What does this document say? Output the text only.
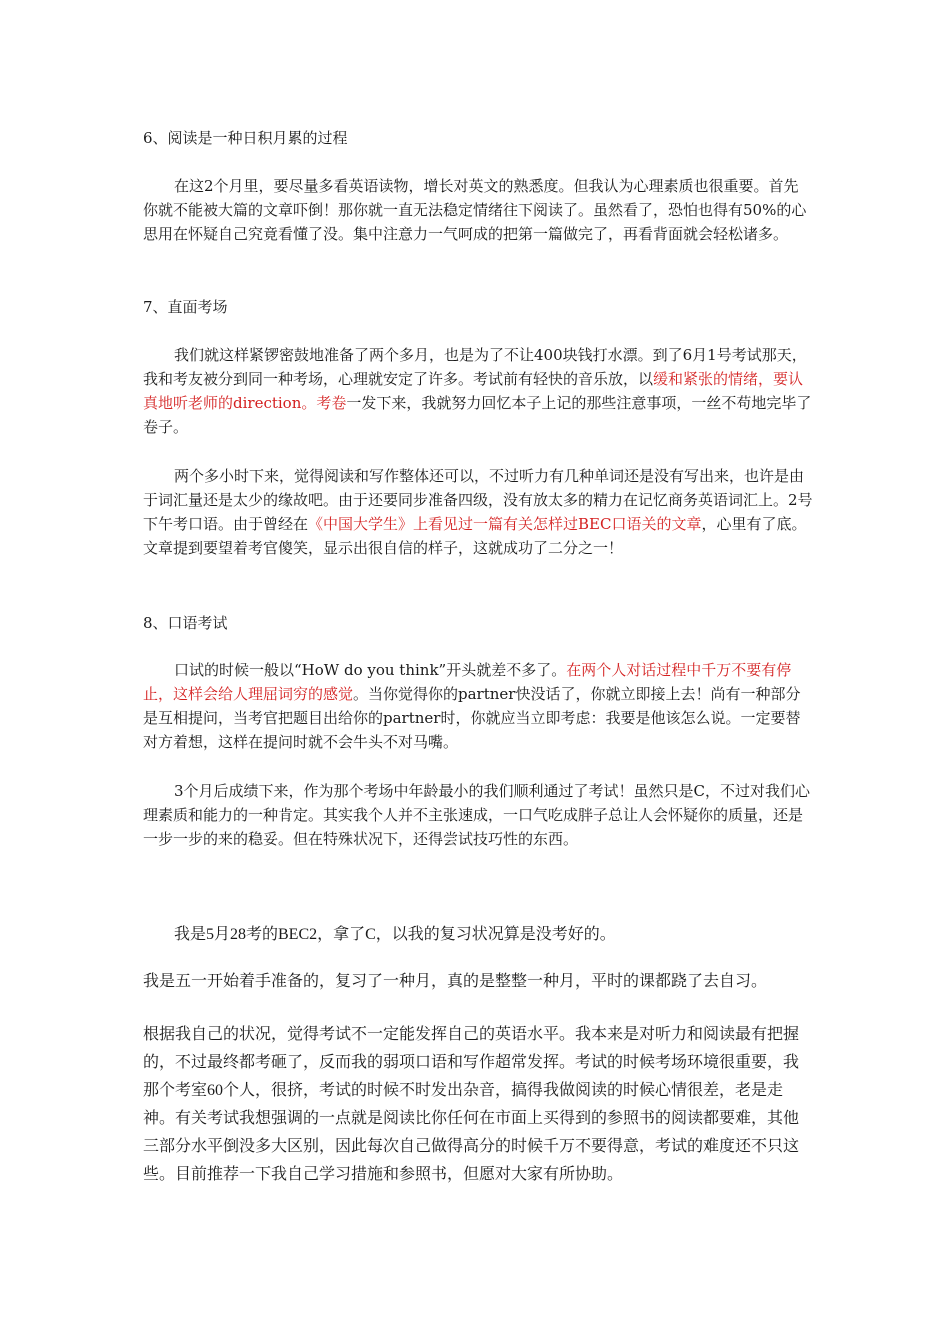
6、阅读是一种日积月累的过程

在这2个月里，要尽量多看英语读物，增长对英文的熟悉度。但我认为心理素质也很重要。首先你就不能被大篇的文章吓倒！那你就一直无法稳定情绪往下阅读了。虽然看了，恐怕也得有50%的心思用在怀疑自己究竟看懂了没。集中注意力一气呵成的把第一篇做完了，再看背面就会轻松诸多。

7、直面考场

我们就这样紧锣密鼓地准备了两个多月，也是为了不让400块钱打水漂。到了6月1号考试那天，我和考友被分到同一种考场，心理就安定了许多。考试前有轻快的音乐放，以缓和紧张的情绪，要认真地听老师的direction。考卷一发下来，我就努力回忆本子上记的那些注意事项，一丝不苟地完毕了卷子。

两个多小时下来，觉得阅读和写作整体还可以，不过听力有几种单词还是没有写出来，也许是由于词汇量还是太少的缘故吧。由于还要同步准备四级，没有放太多的精力在记忆商务英语词汇上。2号下午考口语。由于曾经在《中国大学生》上看见过一篇有关怎样过BEC口语关的文章，心里有了底。文章提到要望着考官傻笑，显示出很自信的样子，这就成功了二分之一！

8、口语考试

口试的时候一般以“HoW do you think”开头就差不多了。在两个人对话过程中千万不要有停止，这样会给人理屈词穷的感觉。当你觉得你的partner快没话了，你就立即接上去！尚有一种部分是互相提问，当考官把题目出给你的partner时，你就应当立即考虑：我要是他该怎么说。一定要替对方着想，这样在提问时就不会牛头不对马嘴。

3个月后成绩下来，作为那个考场中年龄最小的我们顺利通过了考试！虽然只是C，不过对我们心理素质和能力的一种肯定。其实我个人并不主张速成，一口气吃成胖子总让人会怀疑你的质量，还是一步一步的来的稳妥。但在特殊状况下，还得尝试技巧性的东西。

我是5月28考的BEC2，拿了C，以我的复习状况算是没考好的。

我是五一开始着手准备的，复习了一种月，真的是整整一种月，平时的课都跷了去自习。

根据我自己的状况，觉得考试不一定能发挥自己的英语水平。我本来是对听力和阅读最有把握的，不过最终都考砸了，反而我的弱项口语和写作超常发挥。考试的时候考场环境很重要，我那个考室60个人，很挤，考试的时候不时发出杂音，搞得我做阅读的时候心情很差，老是走神。有关考试我想强调的一点就是阅读比你任何在市面上买得到的参照书的阅读都要难，其他三部分水平倒没多大区别，因此每次自己做得高分的时候千万不要得意，考试的难度还不只这些。目前推荐一下我自己学习措施和参照书，但愿对大家有所协助。
